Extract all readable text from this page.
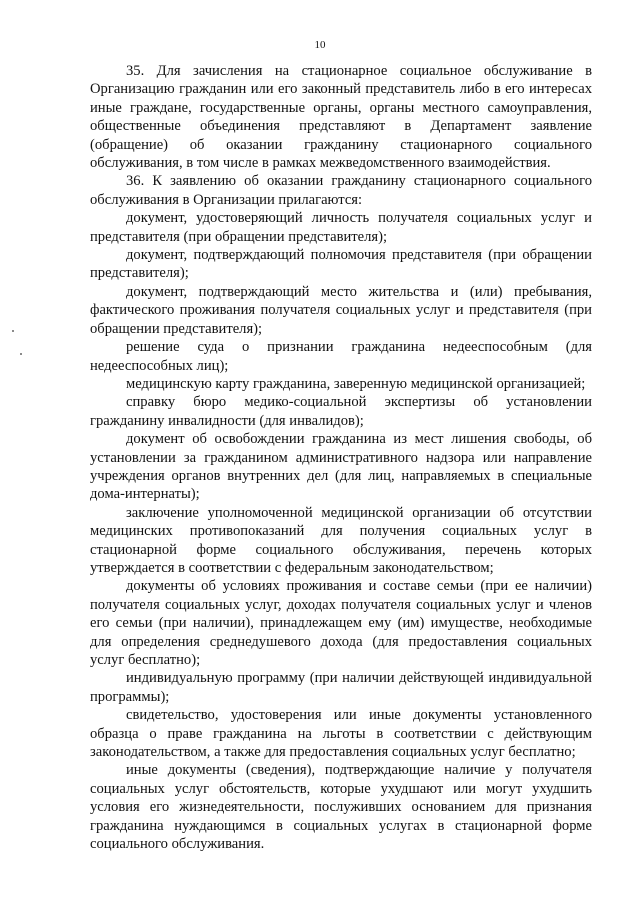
10

35. Для зачисления на стационарное социальное обслуживание в Организацию гражданин или его законный представитель либо в его интересах иные граждане, государственные органы, органы местного самоуправления, общественные объединения представляют в Департамент заявление (обращение) об оказании гражданину стационарного социального обслуживания, в том числе в рамках межведомственного взаимодействия.

36. К заявлению об оказании гражданину стационарного социального обслуживания в Организации прилагаются:

документ, удостоверяющий личность получателя социальных услуг и представителя (при обращении представителя);

документ, подтверждающий полномочия представителя (при обращении представителя);

документ, подтверждающий место жительства и (или) пребывания, фактического проживания получателя социальных услуг и представителя (при обращении представителя);

решение суда о признании гражданина недееспособным (для недееспособных лиц);

медицинскую карту гражданина, заверенную медицинской организацией;

справку бюро медико-социальной экспертизы об установлении гражданину инвалидности (для инвалидов);

документ об освобождении гражданина из мест лишения свободы, об установлении за гражданином административного надзора или направление учреждения органов внутренних дел (для лиц, направляемых в специальные дома-интернаты);

заключение уполномоченной медицинской организации об отсутствии медицинских противопоказаний для получения социальных услуг в стационарной форме социального обслуживания, перечень которых утверждается в соответствии с федеральным законодательством;

документы об условиях проживания и составе семьи (при ее наличии) получателя социальных услуг, доходах получателя социальных услуг и членов его семьи (при наличии), принадлежащем ему (им) имуществе, необходимые для определения среднедушевого дохода (для предоставления социальных услуг бесплатно);

индивидуальную программу (при наличии действующей индивидуальной программы);

свидетельство, удостоверения или иные документы установленного образца о праве гражданина на льготы в соответствии с действующим законодательством, а также для предоставления социальных услуг бесплатно;

иные документы (сведения), подтверждающие наличие у получателя социальных услуг обстоятельств, которые ухудшают или могут ухудшить условия его жизнедеятельности, послуживших основанием для признания гражданина нуждающимся в социальных услугах в стационарной форме социального обслуживания.
